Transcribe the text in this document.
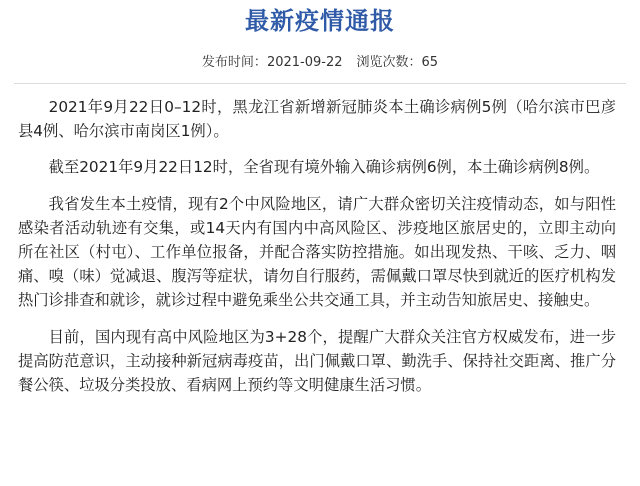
最新疫情通报
发布时间：2021-09-22 浏览次数：65

2021年9月22日0–12时，黑龙江省新增新冠肺炎本土确诊病例5例（哈尔滨市巴彦县4例、哈尔滨市南岗区1例）。

截至2021年9月22日12时，全省现有境外输入确诊病例6例，本土确诊病例8例。

我省发生本土疫情，现有2个中风险地区，请广大群众密切关注疫情动态，如与阳性感染者活动轨迹有交集，或14天内有国内中高风险区、涉疫地区旅居史的，立即主动向所在社区（村屯）、工作单位报备，并配合落实防控措施。如出现发热、干咳、乏力、咽痛、嗅（味）觉减退、腹泻等症状，请勿自行服药，需佩戴口罩尽快到就近的医疗机构发热门诊排查和就诊，就诊过程中避免乘坐公共交通工具，并主动告知旅居史、接触史。

目前，国内现有高中风险地区为3+28个，提醒广大群众关注官方权威发布，进一步提高防范意识，主动接种新冠病毒疫苗，出门佩戴口罩、勤洗手、保持社交距离、推广分餐公筷、垃圾分类投放、看病网上预约等文明健康生活习惯。
